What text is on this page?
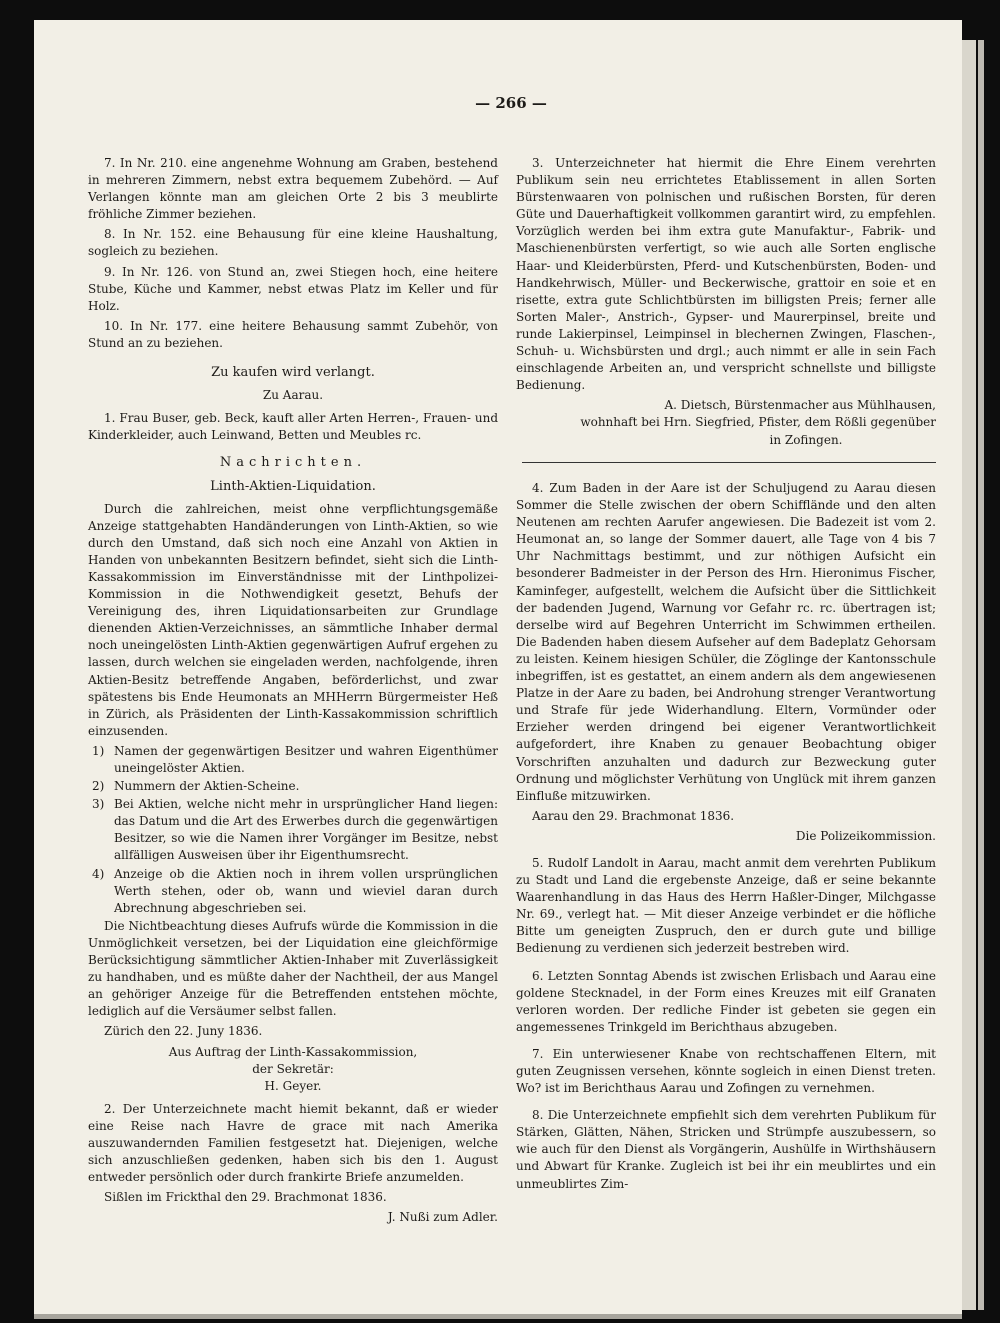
— 266 —

7. In Nr. 210. eine angenehme Wohnung am Graben, bestehend in mehreren Zimmern, nebst extra bequemem Zubehörd. — Auf Verlangen könnte man am gleichen Orte 2 bis 3 meublirte fröhliche Zimmer beziehen.

8. In Nr. 152. eine Behausung für eine kleine Haushaltung, sogleich zu beziehen.

9. In Nr. 126. von Stund an, zwei Stiegen hoch, eine heitere Stube, Küche und Kammer, nebst etwas Platz im Keller und für Holz.

10. In Nr. 177. eine heitere Behausung sammt Zubehör, von Stund an zu beziehen.

Zu kaufen wird verlangt.

Zu Aarau.

1. Frau Buser, geb. Beck, kauft aller Arten Herren-, Frauen- und Kinderkleider, auch Leinwand, Betten und Meubles rc.

Nachrichten.

Linth-Aktien-Liquidation.

Durch die zahlreichen, meist ohne verpflichtungsgemäße Anzeige stattgehabten Handänderungen von Linth-Aktien, so wie durch den Umstand, daß sich noch eine Anzahl von Aktien in Handen von unbekannten Besitzern befindet, sieht sich die Linth-Kassakommission im Einverständnisse mit der Linthpolizei-Kommission in die Nothwendigkeit gesetzt, Behufs der Vereinigung des, ihren Liquidationsarbeiten zur Grundlage dienenden Aktien-Verzeichnisses, an sämmtliche Inhaber dermal noch uneingelösten Linth-Aktien gegenwärtigen Aufruf ergehen zu lassen, durch welchen sie eingeladen werden, nachfolgende, ihren Aktien-Besitz betreffende Angaben, beförderlichst, und zwar spätestens bis Ende Heumonats an MHHerrn Bürgermeister Heß in Zürich, als Präsidenten der Linth-Kassakommission schriftlich einzusenden.

1) Namen der gegenwärtigen Besitzer und wahren Eigenthümer uneingelöster Aktien.
2) Nummern der Aktien-Scheine.
3) Bei Aktien, welche nicht mehr in ursprünglicher Hand liegen: das Datum und die Art des Erwerbes durch die gegenwärtigen Besitzer, so wie die Namen ihrer Vorgänger im Besitze, nebst allfälligen Ausweisen über ihr Eigenthumsrecht.
4) Anzeige ob die Aktien noch in ihrem vollen ursprünglichen Werth stehen, oder ob, wann und wieviel daran durch Abrechnung abgeschrieben sei.

Die Nichtbeachtung dieses Aufrufs würde die Kommission in die Unmöglichkeit versetzen, bei der Liquidation eine gleichförmige Berücksichtigung sämmtlicher Aktien-Inhaber mit Zuverlässigkeit zu handhaben, und es müßte daher der Nachtheil, der aus Mangel an gehöriger Anzeige für die Betreffenden entstehen möchte, lediglich auf die Versäumer selbst fallen.

Zürich den 22. Juny 1836.

Aus Auftrag der Linth-Kassakommission,

der Sekretär:

H. Geyer.

2. Der Unterzeichnete macht hiemit bekannt, daß er wieder eine Reise nach Havre de grace mit nach Amerika auszuwandernden Familien festgesetzt hat. Diejenigen, welche sich anzuschließen gedenken, haben sich bis den 1. August entweder persönlich oder durch frankirte Briefe anzumelden.

Sißlen im Frickthal den 29. Brachmonat 1836.

J. Nußi zum Adler.

3. Unterzeichneter hat hiermit die Ehre Einem verehrten Publikum sein neu errichtetes Etablissement in allen Sorten Bürstenwaaren von polnischen und rußischen Borsten, für deren Güte und Dauerhaftigkeit vollkommen garantirt wird, zu empfehlen. Vorzüglich werden bei ihm extra gute Manufaktur-, Fabrik- und Maschienenbürsten verfertigt, so wie auch alle Sorten englische Haar- und Kleiderbürsten, Pferd- und Kutschenbürsten, Boden- und Handkehrwisch, Müller- und Beckerwische, grattoir en soie et en risette, extra gute Schlichtbürsten im billigsten Preis; ferner alle Sorten Maler-, Anstrich-, Gypser- und Maurerpinsel, breite und runde Lakierpinsel, Leimpinsel in blechernen Zwingen, Flaschen-, Schuh- u. Wichsbürsten und drgl.; auch nimmt er alle in sein Fach einschlagende Arbeiten an, und verspricht schnellste und billigste Bedienung.

A. Dietsch, Bürstenmacher aus Mühlhausen,

wohnhaft bei Hrn. Siegfried, Pfister, dem Rößli gegenüber

in Zofingen.

4. Zum Baden in der Aare ist der Schuljugend zu Aarau diesen Sommer die Stelle zwischen der obern Schifflände und den alten Neutenen am rechten Aarufer angewiesen. Die Badezeit ist vom 2. Heumonat an, so lange der Sommer dauert, alle Tage von 4 bis 7 Uhr Nachmittags bestimmt, und zur nöthigen Aufsicht ein besonderer Badmeister in der Person des Hrn. Hieronimus Fischer, Kaminfeger, aufgestellt, welchem die Aufsicht über die Sittlichkeit der badenden Jugend, Warnung vor Gefahr rc. rc. übertragen ist; derselbe wird auf Begehren Unterricht im Schwimmen ertheilen. Die Badenden haben diesem Aufseher auf dem Badeplatz Gehorsam zu leisten. Keinem hiesigen Schüler, die Zöglinge der Kantonsschule inbegriffen, ist es gestattet, an einem andern als dem angewiesenen Platze in der Aare zu baden, bei Androhung strenger Verantwortung und Strafe für jede Widerhandlung. Eltern, Vormünder oder Erzieher werden dringend bei eigener Verantwortlichkeit aufgefordert, ihre Knaben zu genauer Beobachtung obiger Vorschriften anzuhalten und dadurch zur Bezweckung guter Ordnung und möglichster Verhütung von Unglück mit ihrem ganzen Einfluße mitzuwirken.

Aarau den 29. Brachmonat 1836.

Die Polizeikommission.

5. Rudolf Landolt in Aarau, macht anmit dem verehrten Publikum zu Stadt und Land die ergebenste Anzeige, daß er seine bekannte Waarenhandlung in das Haus des Herrn Haßler-Dinger, Milchgasse Nr. 69., verlegt hat. — Mit dieser Anzeige verbindet er die höfliche Bitte um geneigten Zuspruch, den er durch gute und billige Bedienung zu verdienen sich jederzeit bestreben wird.

6. Letzten Sonntag Abends ist zwischen Erlisbach und Aarau eine goldene Stecknadel, in der Form eines Kreuzes mit eilf Granaten verloren worden. Der redliche Finder ist gebeten sie gegen ein angemessenes Trinkgeld im Berichthaus abzugeben.

7. Ein unterwiesener Knabe von rechtschaffenen Eltern, mit guten Zeugnissen versehen, könnte sogleich in einen Dienst treten. Wo? ist im Berichthaus Aarau und Zofingen zu vernehmen.

8. Die Unterzeichnete empfiehlt sich dem verehrten Publikum für Stärken, Glätten, Nähen, Stricken und Strümpfe auszubessern, so wie auch für den Dienst als Vorgängerin, Aushülfe in Wirthshäusern und Abwart für Kranke. Zugleich ist bei ihr ein meublirtes und ein unmeublirtes Zim-
